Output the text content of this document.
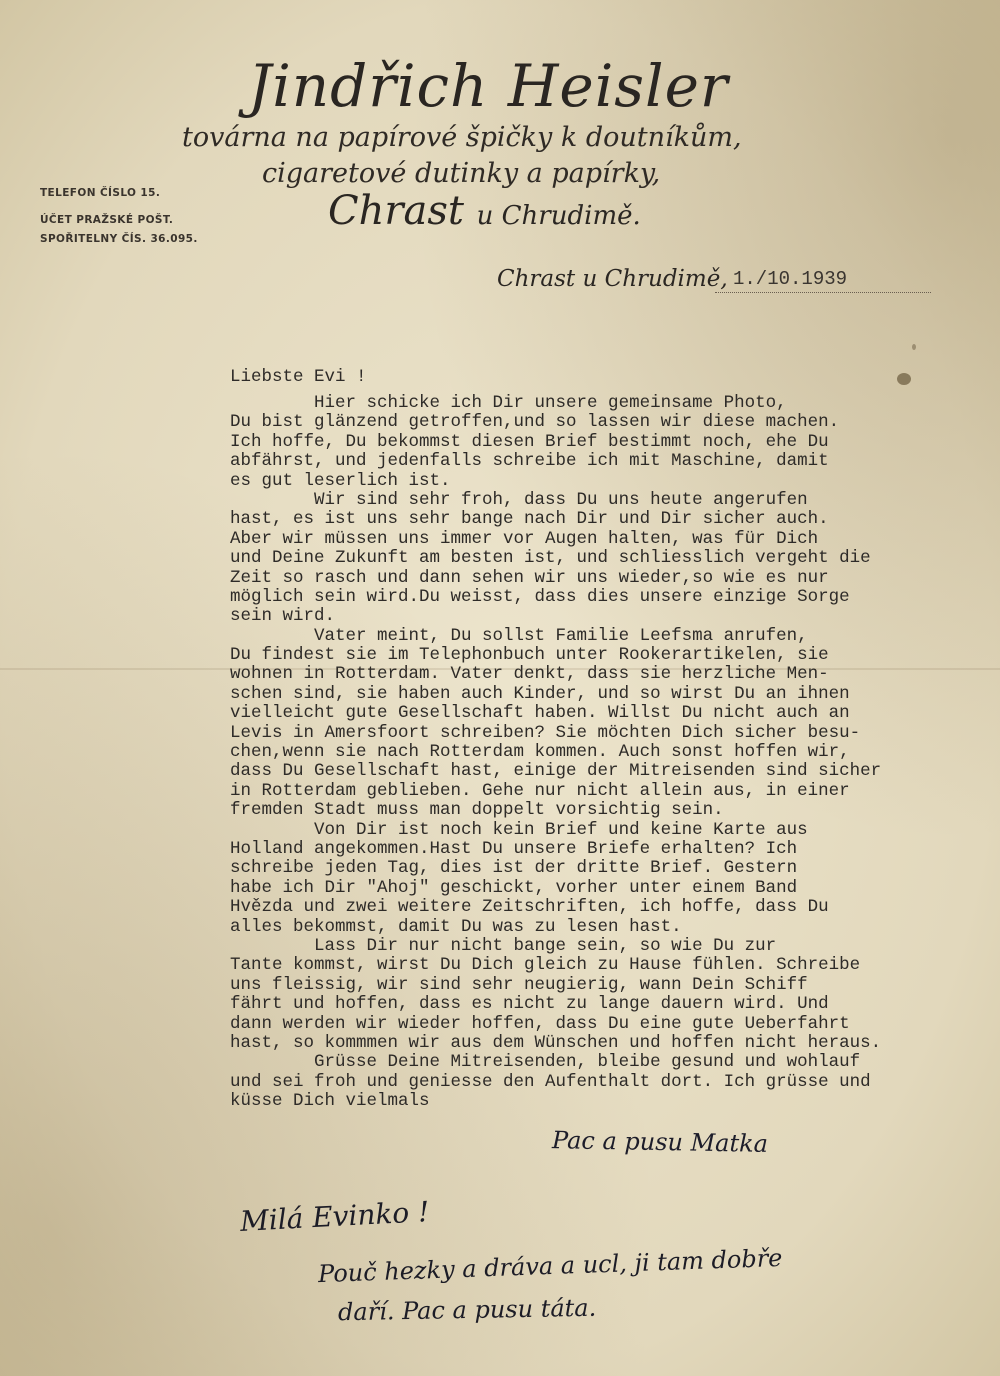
Jindřich Heisler
továrna na papírové špičky k doutníkům,
cigaretové dutinky a papírky,
Chrast u Chrudimě.
TELEFON ČÍSLO 15.
ÚČET PRAŽSKÉ POŠT.
SPOŘITELNY ČÍS. 36.095.
Chrast u Chrudimě, 1./10.1939
Liebste Evi !
Hier schicke ich Dir unsere gemeinsame Photo,
Du bist glänzend getroffen,und so lassen wir diese machen.
Ich hoffe, Du bekommst diesen Brief bestimmt noch, ehe Du
abfährst, und jedenfalls schreibe ich mit Maschine, damit
es gut leserlich ist.
Wir sind sehr froh, dass Du uns heute angerufen
hast, es ist uns sehr bange nach Dir und Dir sicher auch.
Aber wir müssen uns immer vor Augen halten, was für Dich
und Deine Zukunft am besten ist, und schliesslich vergeht die
Zeit so rasch und dann sehen wir uns wieder,so wie es nur
möglich sein wird.Du weisst, dass dies unsere einzige Sorge
sein wird.
Vater meint, Du sollst Familie Leefsma anrufen,
Du findest sie im Telephonbuch unter Rookerartikelen, sie
wohnen in Rotterdam. Vater denkt, dass sie herzliche Men-
schen sind, sie haben auch Kinder, und so wirst Du an ihnen
vielleicht gute Gesellschaft haben. Willst Du nicht auch an
Levis in Amersfoort schreiben? Sie möchten Dich sicher besu-
chen,wenn sie nach Rotterdam kommen. Auch sonst hoffen wir,
dass Du Gesellschaft hast, einige der Mitreisenden sind sicher
in Rotterdam geblieben. Gehe nur nicht allein aus, in einer
fremden Stadt muss man doppelt vorsichtig sein.
Von Dir ist noch kein Brief und keine Karte aus
Holland angekommen.Hast Du unsere Briefe erhalten? Ich
schreibe jeden Tag, dies ist der dritte Brief. Gestern
habe ich Dir "Ahoj" geschickt, vorher unter einem Band
Hvězda und zwei weitere Zeitschriften, ich hoffe, dass Du
alles bekommst, damit Du was zu lesen hast.
Lass Dir nur nicht bange sein, so wie Du zur
Tante kommst, wirst Du Dich gleich zu Hause fühlen. Schreibe
uns fleissig, wir sind sehr neugierig, wann Dein Schiff
fährt und hoffen, dass es nicht zu lange dauern wird. Und
dann werden wir wieder hoffen, dass Du eine gute Ueberfahrt
hast, so kommmen wir aus dem Wünschen und hoffen nicht heraus.
Grüsse Deine Mitreisenden, bleibe gesund und wohlauf
und sei froh und geniesse den Aufenthalt dort. Ich grüsse und
küsse Dich vielmals
Pac a pusu Matka
Milá Evinko !
Pouč hezky a dráva a ucl, ji tam dobře
daří. Pac a pusu táta.
